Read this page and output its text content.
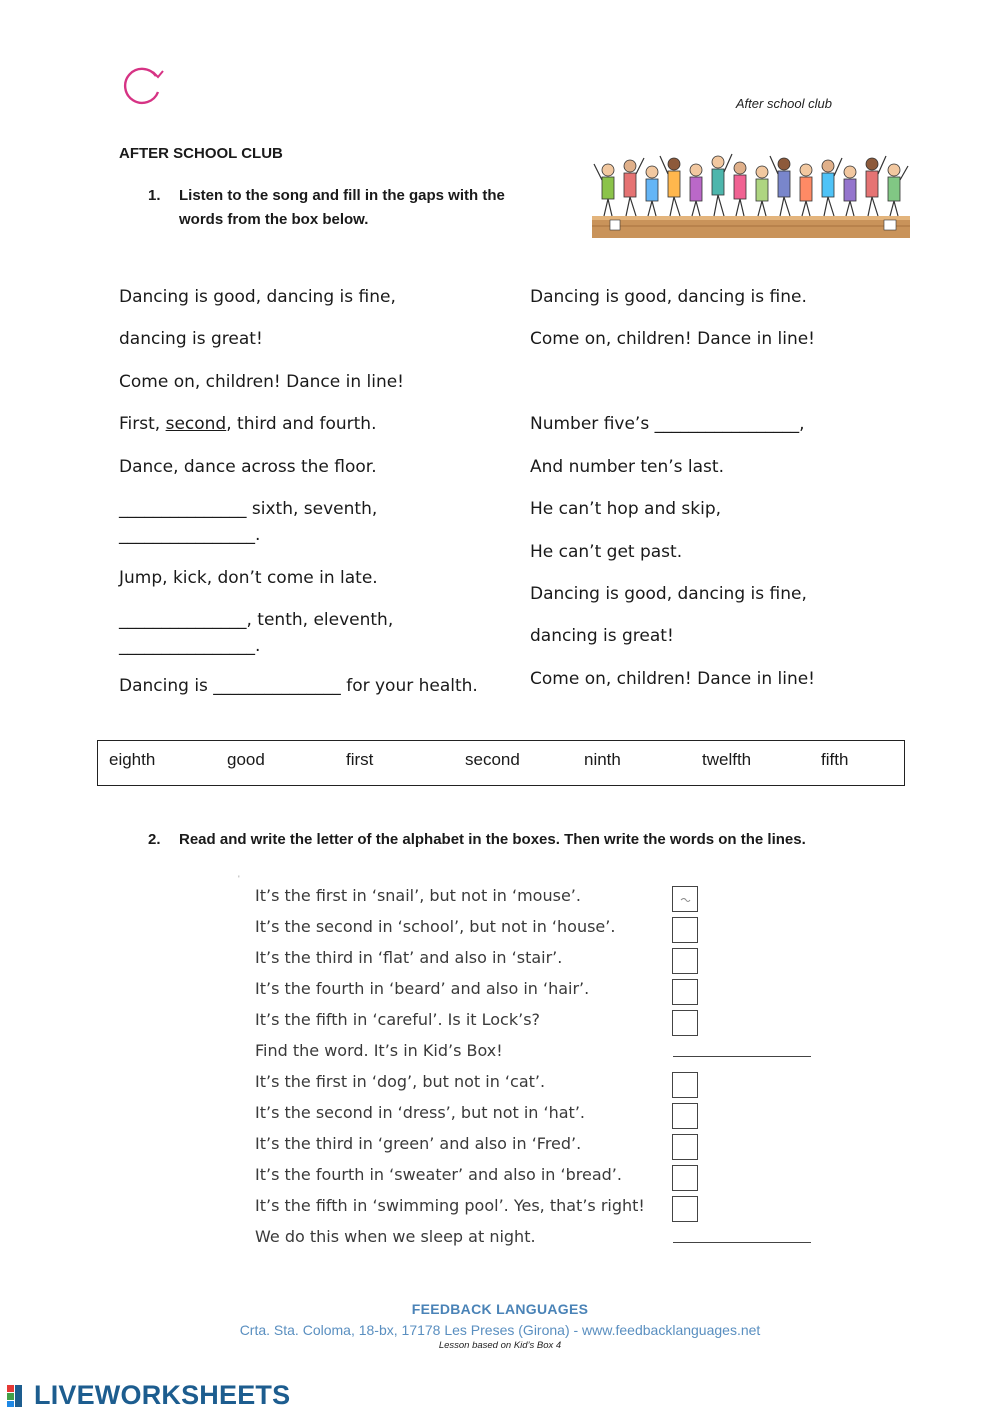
After school club
AFTER SCHOOL CLUB
1. Listen to the song and fill in the gaps with the words from the box below.
Dancing is good, dancing is fine,
dancing is great!
Come on, children! Dance in line!
First, second, third and fourth.
Dance, dance across the floor.
_______________ sixth, seventh,
________________.
Jump, kick, don’t come in late.
_______________, tenth, eleventh,
________________.
Dancing is _______________ for your health.
Dancing is good, dancing is fine.
Come on, children! Dance in line!
Number five’s _________________,
And number ten’s last.
He can’t hop and skip,
He can’t get past.
Dancing is good, dancing is fine,
dancing is great!
Come on, children! Dance in line!
eighth	good	first	second	ninth	twelfth	fifth
2. Read and write the letter of the alphabet in the boxes. Then write the words on the lines.
'
It’s the first in ‘snail’, but not in ‘mouse’.
It’s the second in ‘school’, but not in ‘house’.
It’s the third in ‘flat’ and also in ‘stair’.
It’s the fourth in ‘beard’ and also in ‘hair’.
It’s the fifth in ‘careful’. Is it Lock’s?
Find the word. It’s in Kid’s Box!
It’s the first in ‘dog’, but not in ‘cat’.
It’s the second in ‘dress’, but not in ‘hat’.
It’s the third in ‘green’ and also in ‘Fred’.
It’s the fourth in ‘sweater’ and also in ‘bread’.
It’s the fifth in ‘swimming pool’. Yes, that’s right!
We do this when we sleep at night.
FEEDBACK LANGUAGES
Crta. Sta. Coloma, 18-bx, 17178 Les Preses (Girona) - www.feedbacklanguages.net
Lesson based on Kid’s Box 4
LIVEWORKSHEETS
